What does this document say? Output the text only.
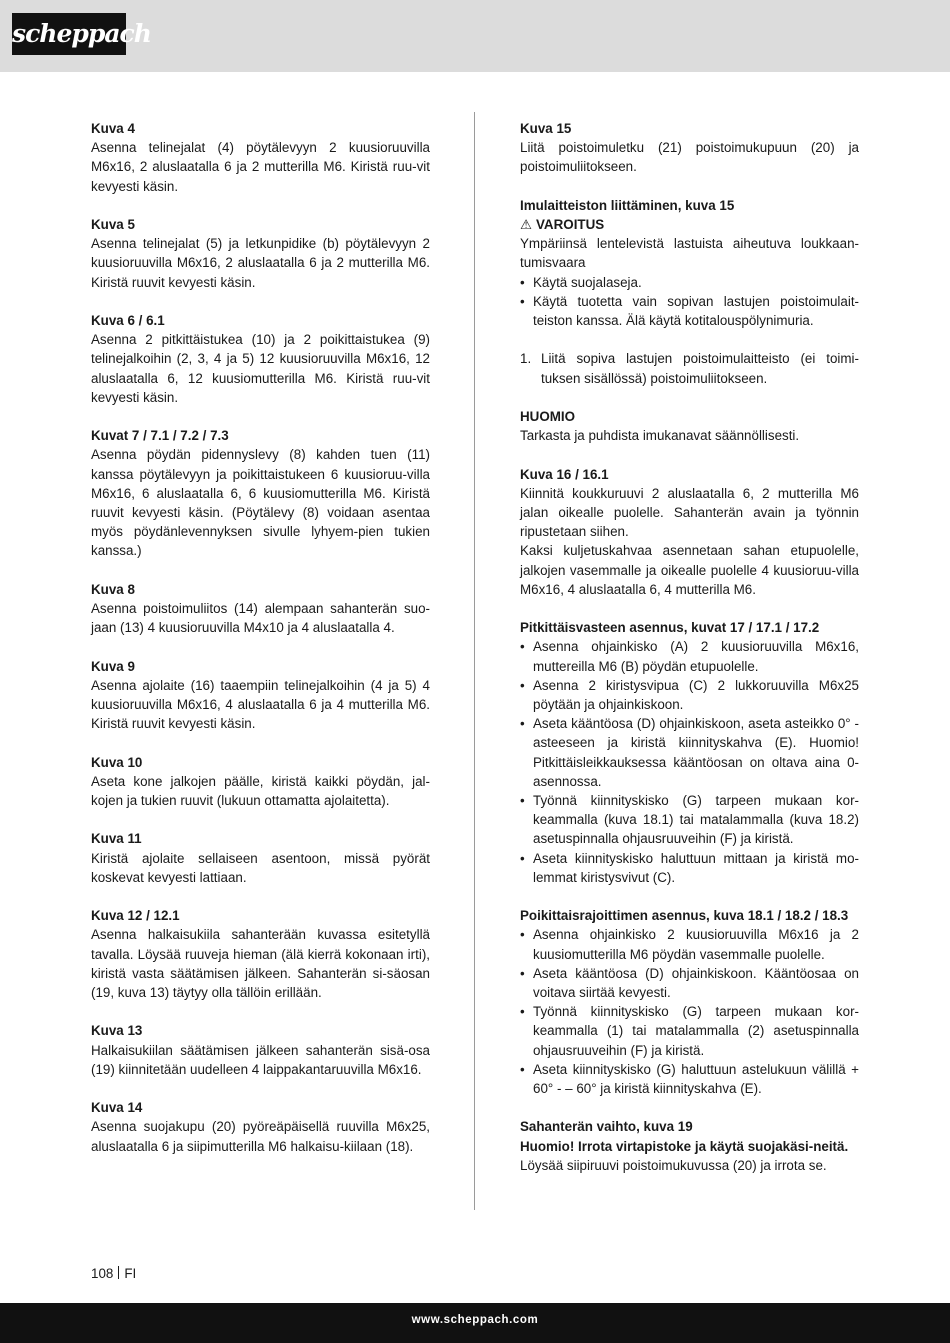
scheppach
Kuva 4
Asenna telinejalat (4) pöytälevyyn 2 kuusioruuvilla M6x16, 2 aluslaatalla 6 ja 2 mutterilla M6. Kiristä ruu-vit kevyesti käsin.
Kuva 5
Asenna telinejalat (5) ja letkunpidike (b) pöytälevyyn 2 kuusioruuvilla M6x16, 2 aluslaatalla 6 ja 2 mutterilla M6. Kiristä ruuvit kevyesti käsin.
Kuva 6 / 6.1
Asenna 2 pitkittäistukea (10) ja 2 poikittaistukea (9) telinejalkoihin (2, 3, 4 ja 5) 12 kuusioruuvilla M6x16, 12 aluslaatalla 6, 12 kuusiomutterilla M6. Kiristä ruu-vit kevyesti käsin.
Kuvat 7 / 7.1 / 7.2 / 7.3
Asenna pöydän pidennyslevy (8) kahden tuen (11) kanssa pöytälevyyn ja poikittaistukeen 6 kuusioruu-villa M6x16, 6 aluslaatalla 6, 6 kuusiomutterilla M6. Kiristä ruuvit kevyesti käsin. (Pöytälevy (8) voidaan asentaa myös pöydänlevennyksen sivulle lyhyem-pien tukien kanssa.)
Kuva 8
Asenna poistoimuliitos (14) alempaan sahanterän suo-jaan (13) 4 kuusioruuvilla M4x10 ja 4 aluslaatalla 4.
Kuva 9
Asenna ajolaite (16) taaempiin telinejalkoihin (4 ja 5) 4 kuusioruuvilla M6x16, 4 aluslaatalla 6 ja 4 mutterilla M6. Kiristä ruuvit kevyesti käsin.
Kuva 10
Aseta kone jalkojen päälle, kiristä kaikki pöydän, jal-kojen ja tukien ruuvit (lukuun ottamatta ajolaitetta).
Kuva 11
Kiristä ajolaite sellaiseen asentoon, missä pyörät koskevat kevyesti lattiaan.
Kuva 12 / 12.1
Asenna halkaisukiila sahanterään kuvassa esitetyllä tavalla. Löysää ruuveja hieman (älä kierrä kokonaan irti), kiristä vasta säätämisen jälkeen. Sahanterän si-säosan (19, kuva 13) täytyy olla tällöin erillään.
Kuva 13
Halkaisukiilan säätämisen jälkeen sahanterän sisä-osa (19) kiinnitetään uudelleen 4 laippakantaruuvilla M6x16.
Kuva 14
Asenna suojakupu (20) pyöreäpäisellä ruuvilla M6x25, aluslaatalla 6 ja siipimutterilla M6 halkaisu-kiilaan (18).
Kuva 15
Liitä poistoimuletku (21) poistoimukupuun (20) ja poistoimuliitokseen.
Imulaitteiston liittäminen, kuva 15
⚠ VAROITUS
Ympäriinsä lentelevistä lastuista aiheutuva loukkaan-tumisvaara
• Käytä suojalaseja.
• Käytä tuotetta vain sopivan lastujen poistoimulait-teiston kanssa. Älä käytä kotitalouspölynimuria.
1. Liitä sopiva lastujen poistoimulaitteisto (ei toimi-tuksen sisällössä) poistoimuliitokseen.
HUOMIO
Tarkasta ja puhdista imukanavat säännöllisesti.
Kuva 16 / 16.1
Kiinnitä koukkuruuvi 2 aluslaatalla 6, 2 mutterilla M6 jalan oikealle puolelle. Sahanterän avain ja työnnin ripustetaan siihen.
Kaksi kuljetuskahvaa asennetaan sahan etupuolelle, jalkojen vasemmalle ja oikealle puolelle 4 kuusioruu-villa M6x16, 4 aluslaatalla 6, 4 mutterilla M6.
Pitkittäisvasteen asennus, kuvat 17 / 17.1 / 17.2
• Asenna ohjainkisko (A) 2 kuusioruuvilla M6x16, muttereilla M6 (B) pöydän etupuolelle.
• Asenna 2 kiristysvipua (C) 2 lukkoruuvilla M6x25 pöytään ja ohjainkiskoon.
• Aseta kääntöosa (D) ohjainkiskoon, aseta asteikko 0° -asteeseen ja kiristä kiinnityskahva (E). Huomio! Pitkittäisleikkauksessa kääntöosan on oltava aina 0-asennossa.
• Työnnä kiinnityskisko (G) tarpeen mukaan kor-keammalla (kuva 18.1) tai matalammalla (kuva 18.2) asetuspinnalla ohjausruuveihin (F) ja kiristä.
• Aseta kiinnityskisko haluttuun mittaan ja kiristä mo-lemmat kiristysvivut (C).
Poikittaisrajoittimen asennus, kuva 18.1 / 18.2 / 18.3
• Asenna ohjainkisko 2 kuusioruuvilla M6x16 ja 2 kuusiomutterilla M6 pöydän vasemmalle puolelle.
• Aseta kääntöosa (D) ohjainkiskoon. Kääntöosaa on voitava siirtää kevyesti.
• Työnnä kiinnityskisko (G) tarpeen mukaan kor-keammalla (1) tai matalammalla (2) asetuspinnalla ohjausruuveihin (F) ja kiristä.
• Aseta kiinnityskisko (G) haluttuun astelukuun välillä + 60° - – 60° ja kiristä kiinnityskahva (E).
Sahanterän vaihto, kuva 19
Huomio! Irrota virtapistoke ja käytä suojakäsi-neitä.
Löysää siipiruuvi poistoimukuvussa (20) ja irrota se.
108 FI
www.scheppach.com
